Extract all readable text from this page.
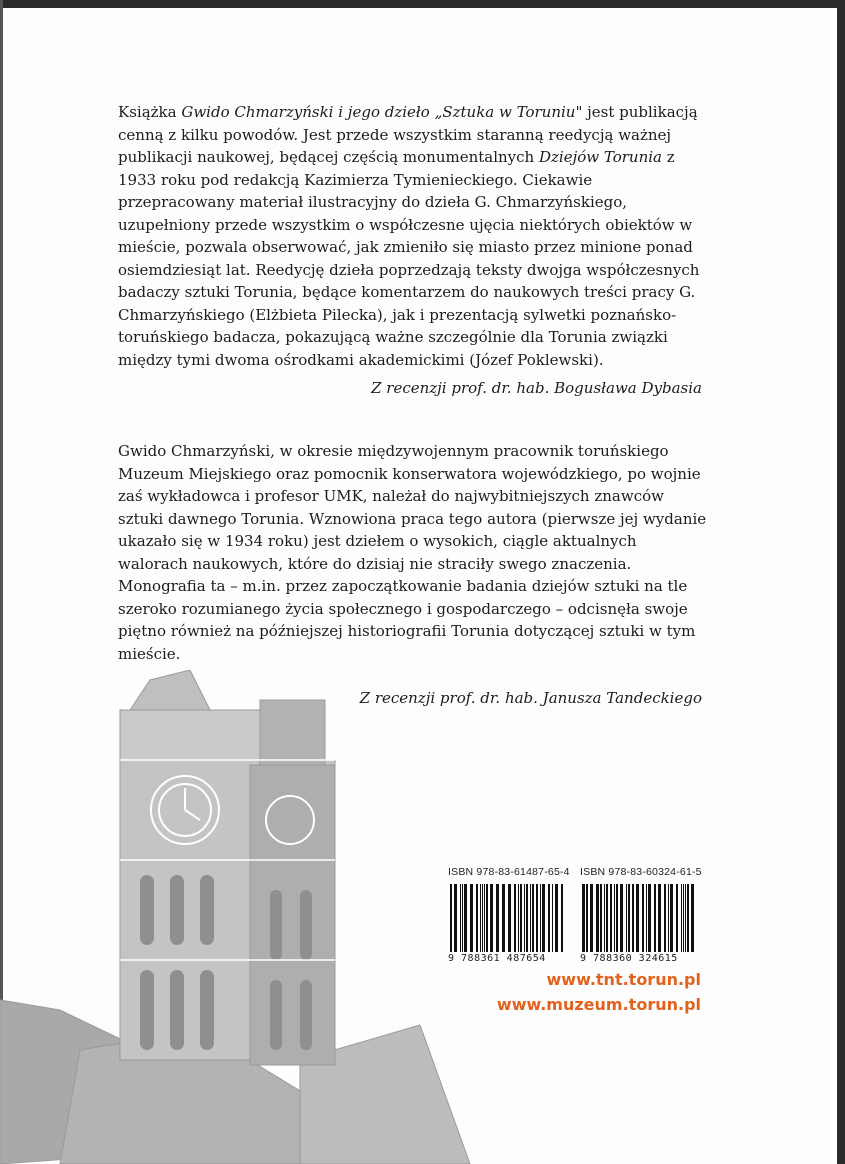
Książka Gwido Chmarzyński i jego dzieło „Sztuka w Toruniu" jest publikacją cenną z kilku powodów. Jest przede wszystkim staranną reedycją ważnej publikacji naukowej, będącej częścią monumentalnych Dziejów Torunia z 1933 roku pod redakcją Kazimierza Tymienieckiego. Ciekawie przepracowany materiał ilustracyjny do dzieła G. Chmarzyńskiego, uzupełniony przede wszystkim o współczesne ujęcia niektórych obiektów w mieście, pozwala obserwować, jak zmieniło się miasto przez minione ponad osiemdziesiąt lat. Reedycję dzieła poprzedzają teksty dwojga współczesnych badaczy sztuki Torunia, będące komentarzem do naukowych treści pracy G. Chmarzyńskiego (Elżbieta Pilecka), jak i prezentacją sylwetki poznańsko-toruńskiego badacza, pokazującą ważne szczególnie dla Torunia związki między tymi dwoma ośrodkami akademickimi (Józef Poklewski).

Z recenzji prof. dr. hab. Bogusława Dybasia

Gwido Chmarzyński, w okresie międzywojennym pracownik toruńskiego Muzeum Miejskiego oraz pomocnik konserwatora wojewódzkiego, po wojnie zaś wykładowca i profesor UMK, należał do najwybitniejszych znawców sztuki dawnego Torunia. Wznowiona praca tego autora (pierwsze jej wydanie ukazało się w 1934 roku) jest dziełem o wysokich, ciągle aktualnych walorach naukowych, które do dzisiaj nie straciły swego znaczenia. Monografia ta – m.in. przez zapoczątkowanie badania dziejów sztuki na tle szeroko rozumianego życia społecznego i gospodarczego – odcisnęła swoje piętno również na późniejszej historiografii Torunia dotyczącej sztuki w tym mieście.

Z recenzji prof. dr. hab. Janusza Tandeckiego
ISBN 978-83-61487-65-4
9 788361 487654
ISBN 978-83-60324-61-5
9 788360 324615
www.tnt.torun.pl
www.muzeum.torun.pl
